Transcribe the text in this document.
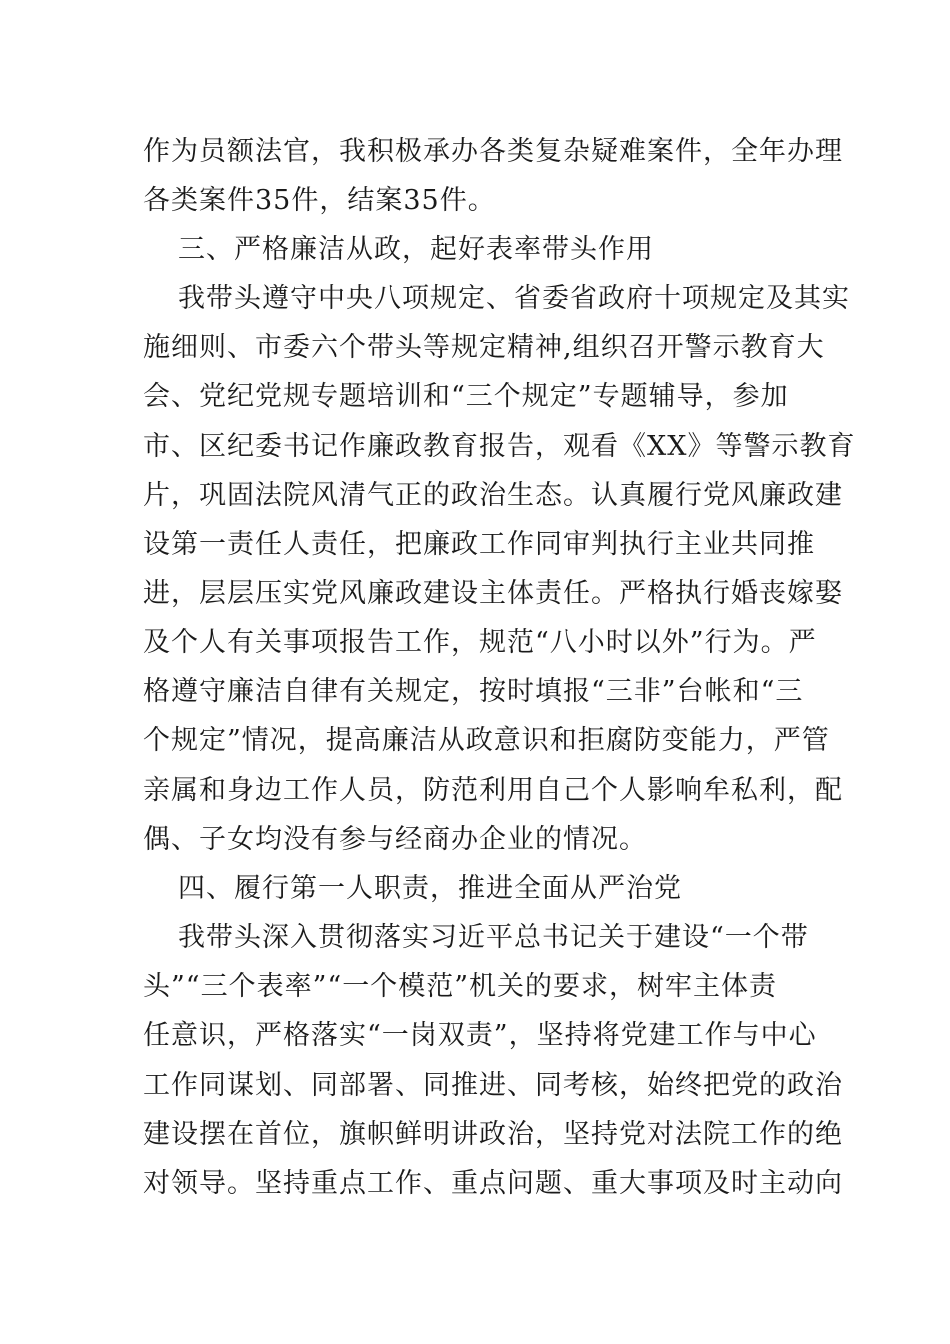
作为员额法官，我积极承办各类复杂疑难案件，全年办理
各类案件35件，结案35件。
三、严格廉洁从政，起好表率带头作用
我带头遵守中央八项规定、省委省政府十项规定及其实
施细则、市委六个带头等规定精神,组织召开警示教育大
会、党纪党规专题培训和“三个规定”专题辅导，参加
市、区纪委书记作廉政教育报告，观看《XX》等警示教育
片，巩固法院风清气正的政治生态。认真履行党风廉政建
设第一责任人责任，把廉政工作同审判执行主业共同推
进，层层压实党风廉政建设主体责任。严格执行婚丧嫁娶
及个人有关事项报告工作，规范“八小时以外”行为。严
格遵守廉洁自律有关规定，按时填报“三非”台帐和“三
个规定”情况，提高廉洁从政意识和拒腐防变能力，严管
亲属和身边工作人员，防范利用自己个人影响牟私利，配
偶、子女均没有参与经商办企业的情况。
四、履行第一人职责，推进全面从严治党
我带头深入贯彻落实习近平总书记关于建设“一个带
头”“三个表率”“一个模范”机关的要求，树牢主体责
任意识，严格落实“一岗双责”，坚持将党建工作与中心
工作同谋划、同部署、同推进、同考核，始终把党的政治
建设摆在首位，旗帜鲜明讲政治，坚持党对法院工作的绝
对领导。坚持重点工作、重点问题、重大事项及时主动向
